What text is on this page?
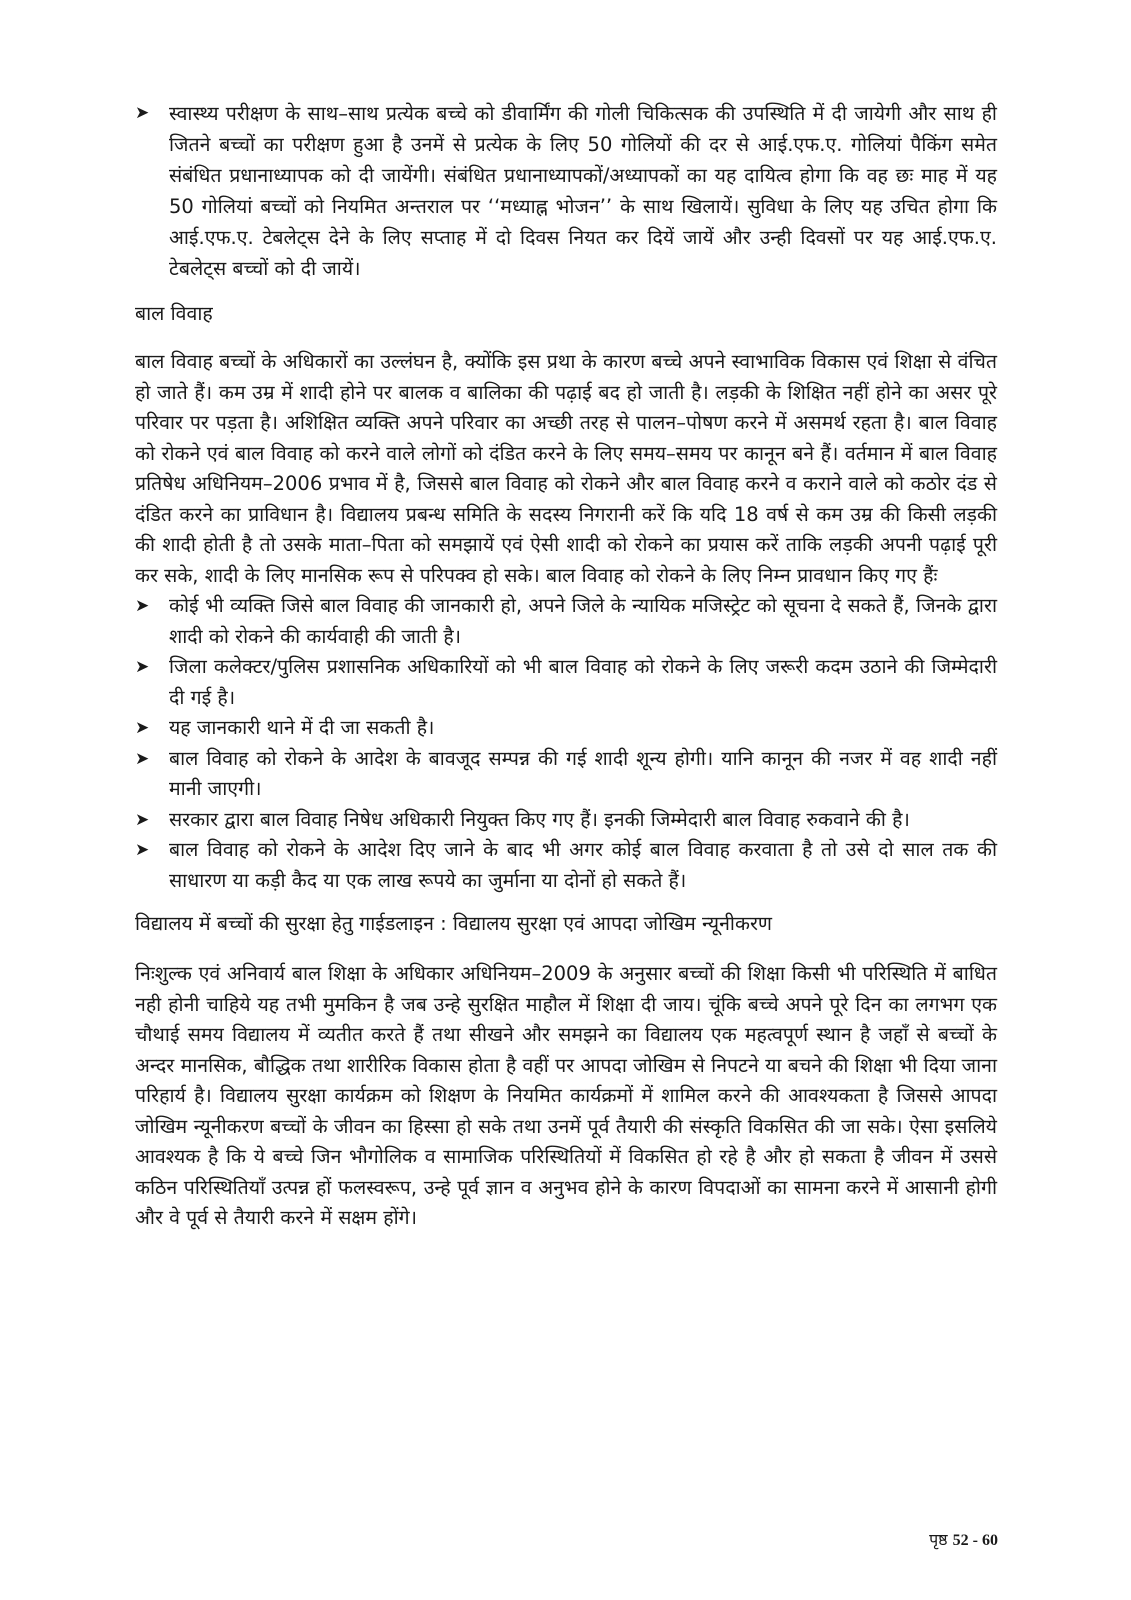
➤ स्वास्थ्य परीक्षण के साथ–साथ प्रत्येक बच्चे को डीवार्मिंग की गोली चिकित्सक की उपस्थिति में दी जायेगी और साथ ही जितने बच्चों का परीक्षण हुआ है उनमें से प्रत्येक के लिए 50 गोलियों की दर से आई.एफ.ए. गोलियां पैकिंग समेत संबंधित प्रधानाध्यापक को दी जायेंगी। संबंधित प्रधानाध्यापकों/अध्यापकों का यह दायित्व होगा कि वह छः माह में यह 50 गोलियां बच्चों को नियमित अन्तराल पर ‘‘मध्याह्न भोजन’’ के साथ खिलायें। सुविधा के लिए यह उचित होगा कि आई.एफ.ए. टेबलेट्स देने के लिए सप्ताह में दो दिवस नियत कर दियें जायें और उन्ही दिवसों पर यह आई.एफ.ए. टेबलेट्स बच्चों को दी जायें।
बाल विवाह

बाल विवाह बच्चों के अधिकारों का उल्लंघन है, क्योंकि इस प्रथा के कारण बच्चे अपने स्वाभाविक विकास एवं शिक्षा से वंचित हो जाते हैं। कम उम्र में शादी होने पर बालक व बालिका की पढ़ाई बद हो जाती है। लड़की के शिक्षित नहीं होने का असर पूरे परिवार पर पड़ता है। अशिक्षित व्यक्ति अपने परिवार का अच्छी तरह से पालन–पोषण करने में असमर्थ रहता है। बाल विवाह को रोकने एवं बाल विवाह को करने वाले लोगों को दंडित करने के लिए समय–समय पर कानून बने हैं। वर्तमान में बाल विवाह प्रतिषेध अधिनियम–2006 प्रभाव में है, जिससे बाल विवाह को रोकने और बाल विवाह करने व कराने वाले को कठोर दंड से दंडित करने का प्राविधान है। विद्यालय प्रबन्ध समिति के सदस्य निगरानी करें कि यदि 18 वर्ष से कम उम्र की किसी लड़की की शादी होती है तो उसके माता–पिता को समझायें एवं ऐसी शादी को रोकने का प्रयास करें ताकि लड़की अपनी पढ़ाई पूरी कर सके, शादी के लिए मानसिक रूप से परिपक्व हो सके। बाल विवाह को रोकने के लिए निम्न प्रावधान किए गए हैंः

➤ कोई भी व्यक्ति जिसे बाल विवाह की जानकारी हो, अपने जिले के न्यायिक मजिस्ट्रेट को सूचना दे सकते हैं, जिनके द्वारा शादी को रोकने की कार्यवाही की जाती है।
➤ जिला कलेक्टर/पुलिस प्रशासनिक अधिकारियों को भी बाल विवाह को रोकने के लिए जरूरी कदम उठाने की जिम्मेदारी दी गई है।
➤ यह जानकारी थाने में दी जा सकती है।
➤ बाल विवाह को रोकने के आदेश के बावजूद सम्पन्न की गई शादी शून्य होगी। यानि कानून की नजर में वह शादी नहीं मानी जाएगी।
➤ सरकार द्वारा बाल विवाह निषेध अधिकारी नियुक्त किए गए हैं। इनकी जिम्मेदारी बाल विवाह रुकवाने की है।
➤ बाल विवाह को रोकने के आदेश दिए जाने के बाद भी अगर कोई बाल विवाह करवाता है तो उसे दो साल तक की साधारण या कड़ी कैद या एक लाख रूपये का जुर्माना या दोनों हो सकते हैं।
विद्यालय में बच्चों की सुरक्षा हेतु गाईडलाइन : विद्यालय सुरक्षा एवं आपदा जोखिम न्यूनीकरण

निःशुल्क एवं अनिवार्य बाल शिक्षा के अधिकार अधिनियम–2009 के अनुसार बच्चों की शिक्षा किसी भी परिस्थिति में बाधित नही होनी चाहिये यह तभी मुमकिन है जब उन्हे सुरक्षित माहौल में शिक्षा दी जाय। चूंकि बच्चे अपने पूरे दिन का लगभग एक चौथाई समय विद्यालय में व्यतीत करते हैं तथा सीखने और समझने का विद्यालय एक महत्वपूर्ण स्थान है जहाँ से बच्चों के अन्दर मानसिक, बौद्धिक तथा शारीरिक विकास होता है वहीं पर आपदा जोखिम से निपटने या बचने की शिक्षा भी दिया जाना परिहार्य है। विद्यालय सुरक्षा कार्यक्रम को शिक्षण के नियमित कार्यक्रमों में शामिल करने की आवश्यकता है जिससे आपदा जोखिम न्यूनीकरण बच्चों के जीवन का हिस्सा हो सके तथा उनमें पूर्व तैयारी की संस्कृति विकसित की जा सके। ऐसा इसलिये आवश्यक है कि ये बच्चे जिन भौगोलिक व सामाजिक परिस्थितियों में विकसित हो रहे है और हो सकता है जीवन में उससे कठिन परिस्थितियाँ उत्पन्न हों फलस्वरूप, उन्हे पूर्व ज्ञान व अनुभव होने के कारण विपदाओं का सामना करने में आसानी होगी और वे पूर्व से तैयारी करने में सक्षम होंगे।

पृष्ठ 52 - 60
